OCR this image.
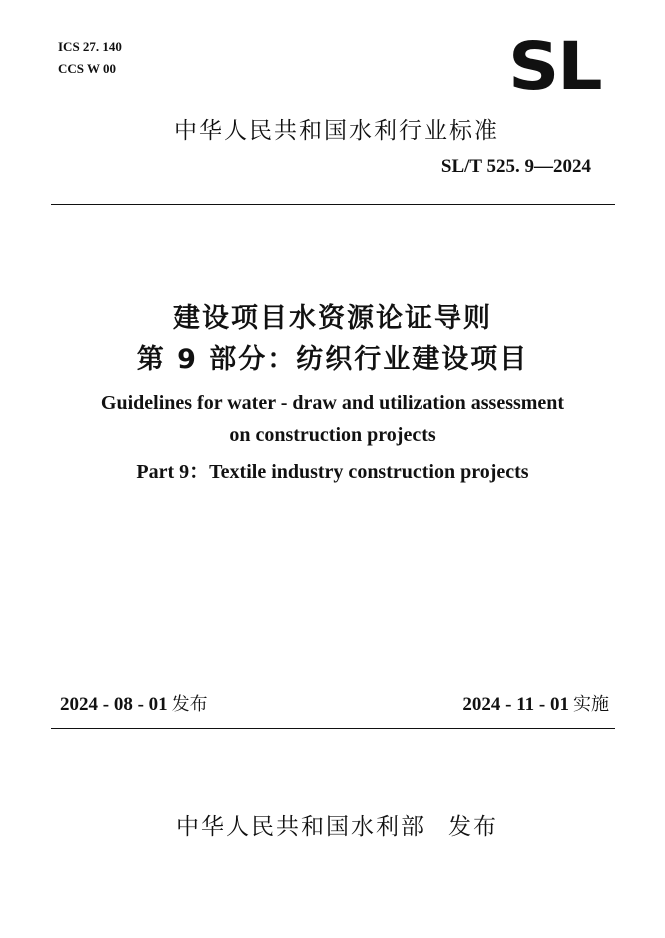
ICS 27. 140
CCS W 00	SL
中华人民共和国水利行业标准
SL/T 525. 9—2024
建设项目水资源论证导则
第 9 部分：纺织行业建设项目
Guidelines for water - draw and utilization assessment
on construction projects
Part 9：Textile industry construction projects
2024 - 08 - 01 发布	2024 - 11 - 01 实施
中华人民共和国水利部 发布
